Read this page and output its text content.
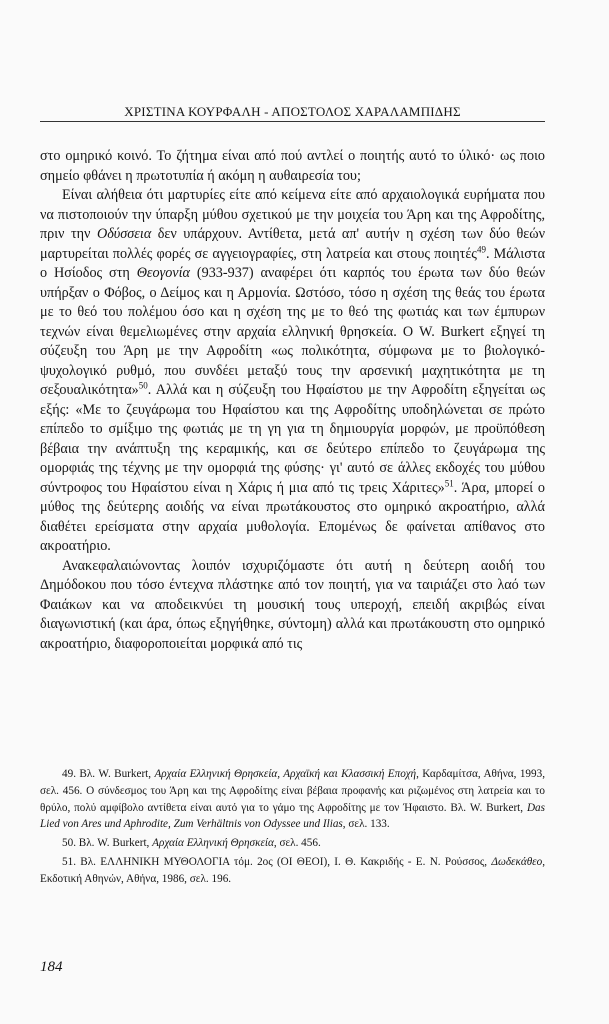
ΧΡΙΣΤΙΝΑ ΚΟΥΡΦΑΛΗ - ΑΠΟΣΤΟΛΟΣ ΧΑΡΑΛΑΜΠΙΔΗΣ

στο ομηρικό κοινό. Το ζήτημα είναι από πού αντλεί ο ποιητής αυτό το ύλικό· ως ποιο σημείο φθάνει η πρωτοτυπία ή ακόμη η αυθαιρεσία του;

Είναι αλήθεια ότι μαρτυρίες είτε από κείμενα είτε από αρχαιολογικά ευρήματα που να πιστοποιούν την ύπαρξη μύθου σχετικού με την μοιχεία του Άρη και της Αφροδίτης, πριν την Οδύσσεια δεν υπάρχουν. Αντίθετα, μετά απ' αυτήν η σχέση των δύο θεών μαρτυρείται πολλές φορές σε αγγειογραφίες, στη λατρεία και στους ποιητές$^{49}$. Μάλιστα ο Ησίοδος στη Θεογονία (933-937) αναφέρει ότι καρπός του έρωτα των δύο θεών υπήρξαν ο Φόβος, ο Δείμος και η Αρμονία. Ωστόσο, τόσο η σχέση της θεάς του έρωτα με το θεό του πολέμου όσο και η σχέση της με το θεό της φωτιάς και των έμπυρων τεχνών είναι θεμελιωμένες στην αρχαία ελληνική θρησκεία. Ο W. Burkert εξηγεί τη σύζευξη του Άρη με την Αφροδίτη «ως πολικότητα, σύμφωνα με το βιολογικό-ψυχολογικό ρυθμό, που συνδέει μεταξύ τους την αρσενική μαχητικότητα με τη σεξουαλικότητα»$^{50}$. Αλλά και η σύζευξη του Ηφαίστου με την Αφροδίτη εξηγείται ως εξής: «Με το ζευγάρωμα του Ηφαίστου και της Αφροδίτης υποδηλώνεται σε πρώτο επίπεδο το σμίξιμο της φωτιάς με τη γη για τη δημιουργία μορφών, με προϋπόθεση βέβαια την ανάπτυξη της κεραμικής, και σε δεύτερο επίπεδο το ζευγάρωμα της ομορφιάς της τέχνης με την ομορφιά της φύσης· γι' αυτό σε άλλες εκδοχές του μύθου σύντροφος του Ηφαίστου είναι η Χάρις ή μια από τις τρεις Χάριτες»$^{51}$. Άρα, μπορεί ο μύθος της δεύτερης αοιδής να είναι πρωτάκουστος στο ομηρικό ακροατήριο, αλλά διαθέτει ερείσματα στην αρχαία μυθολογία. Επομένως δε φαίνεται απίθανος στο ακροατήριο.

Ανακεφαλαιώνοντας λοιπόν ισχυριζόμαστε ότι αυτή η δεύτερη αοιδή του Δημόδοκου που τόσο έντεχνα πλάστηκε από τον ποιητή, για να ταιριάζει στο λαό των Φαιάκων και να αποδεικνύει τη μουσική τους υπεροχή, επειδή ακριβώς είναι διαγωνιστική (και άρα, όπως εξηγήθηκε, σύντομη) αλλά και πρωτάκουστη στο ομηρικό ακροατήριο, διαφοροποιείται μορφικά από τις

49. Βλ. W. Burkert, Αρχαία Ελληνική Θρησκεία, Αρχαϊκή και Κλασσική Εποχή, Καρδαμίτσα, Αθήνα, 1993, σελ. 456. Ο σύνδεσμος του Άρη και της Αφροδίτης είναι βέβαια προφανής και ριζωμένος στη λατρεία και το θρύλο, πολύ αμφίβολο αντίθετα είναι αυτό για το γάμο της Αφροδίτης με τον Ήφαιστο. Βλ. W. Burkert, Das Lied von Ares und Aphrodite, Zum Verhältnis von Odyssee und Ilias, σελ. 133.

50. Βλ. W. Burkert, Αρχαία Ελληνική Θρησκεία, σελ. 456.

51. Βλ. ΕΛΛΗΝΙΚΗ ΜΥΘΟΛΟΓΙΑ τόμ. 2ος (ΟΙ ΘΕΟΙ), Ι. Θ. Κακριδής - Ε. Ν. Ρούσσος, Δωδεκάθεο, Εκδοτική Αθηνών, Αθήνα, 1986, σελ. 196.

184
